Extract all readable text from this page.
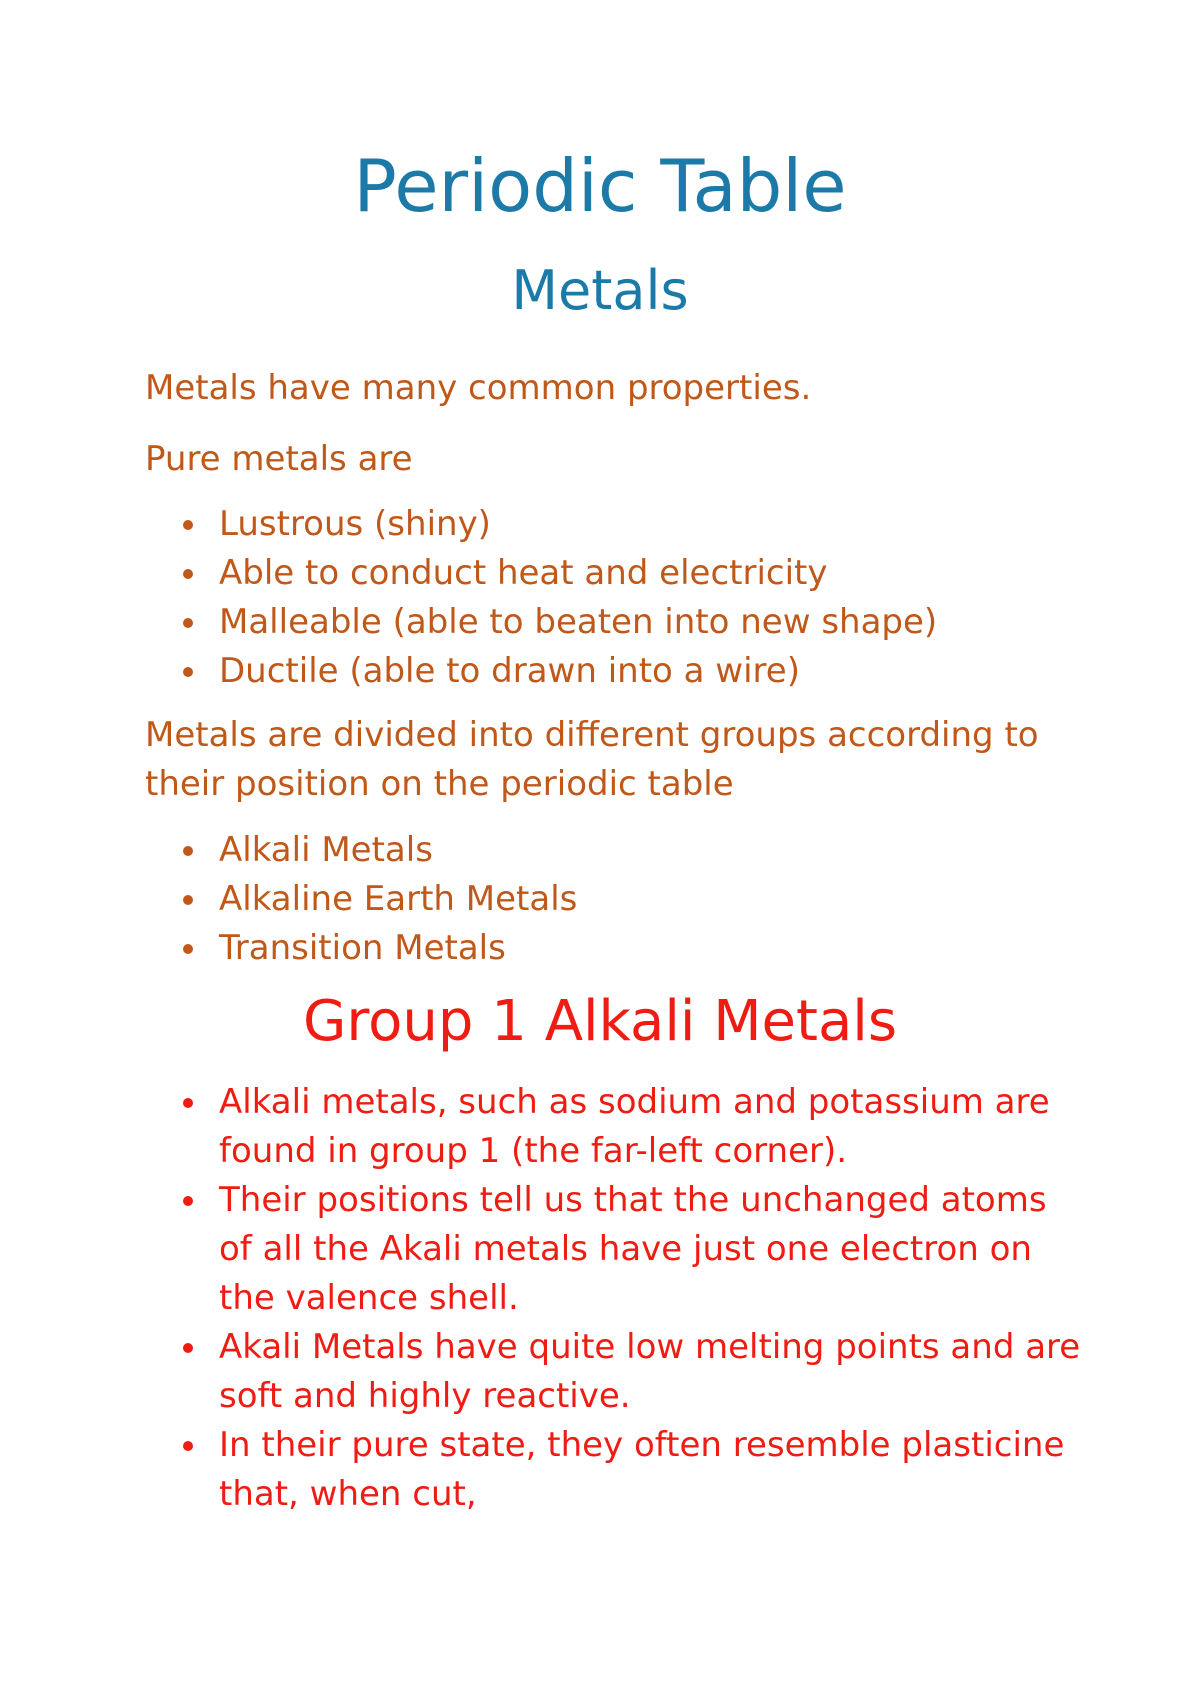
Periodic Table
Metals

Metals have many common properties.

Pure metals are

Lustrous (shiny)
Able to conduct heat and electricity
Malleable (able to beaten into new shape)
Ductile (able to drawn into a wire)

Metals are divided into different groups according to their position on the periodic table

Alkali Metals
Alkaline Earth Metals
Transition Metals
Group 1 Alkali Metals
Alkali metals, such as sodium and potassium are found in group 1 (the far-left corner).
Their positions tell us that the unchanged atoms of all the Akali metals have just one electron on the valence shell.
Akali Metals have quite low melting points and are soft and highly reactive.
In their pure state, they often resemble plasticine that, when cut,
